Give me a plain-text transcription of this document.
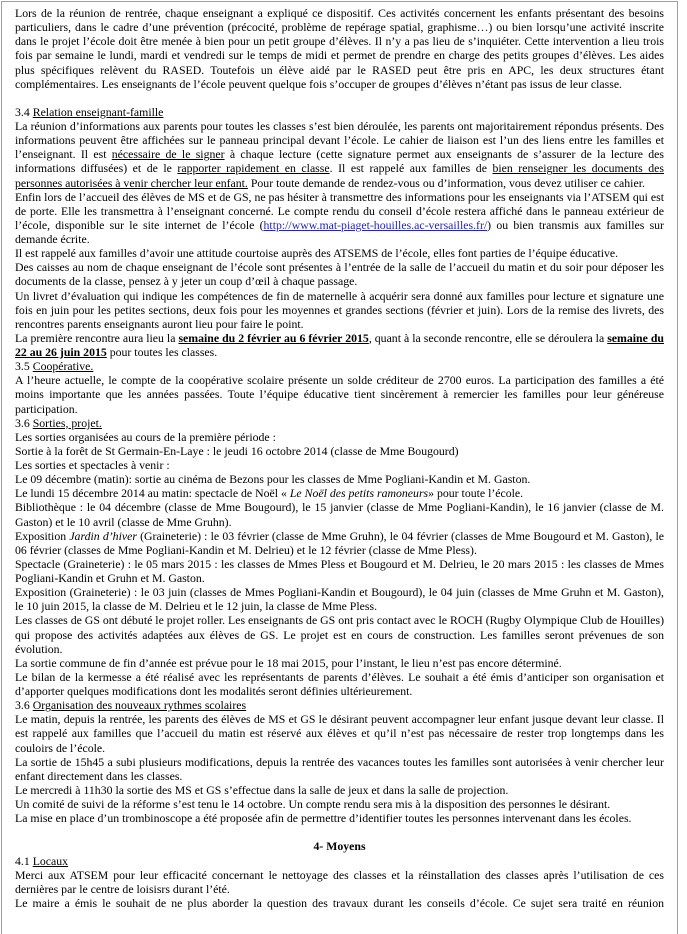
Lors de la réunion de rentrée, chaque enseignant a expliqué ce dispositif. Ces activités concernent les enfants présentant des besoins particuliers, dans le cadre d’une prévention (précocité, problème de repérage spatial, graphisme…) ou bien lorsqu’une activité inscrite dans le projet l’école doit être menée à bien pour un petit groupe d’élèves. Il n’y a pas lieu de s’inquiéter. Cette intervention a lieu trois fois par semaine le lundi, mardi et vendredi sur le temps de midi et permet de prendre en charge des petits groupes d’élèves. Les aides plus spécifiques relèvent du RASED. Toutefois un élève aidé par le RASED peut être pris en APC, les deux structures étant complémentaires. Les enseignants de l’école peuvent quelque fois s’occuper de groupes d’élèves n’étant pas issus de leur classe.

3.4 Relation enseignant-famille

La réunion d’informations aux parents pour toutes les classes s’est bien déroulée, les parents ont majoritairement répondus présents. Des informations peuvent être affichées sur le panneau principal devant l’école. Le cahier de liaison est l’un des liens entre les familles et l’enseignant. Il est nécessaire de le signer à chaque lecture (cette signature permet aux enseignants de s’assurer de la lecture des informations diffusées) et de le rapporter rapidement en classe. Il est rappelé aux familles de bien renseigner les documents des personnes autorisées à venir chercher leur enfant. Pour toute demande de rendez-vous ou d’information, vous devez utiliser ce cahier.

Enfin lors de l’accueil des élèves de MS et de GS, ne pas hésiter à transmettre des informations pour les enseignants via l’ATSEM qui est de porte. Elle les transmettra à l’enseignant concerné. Le compte rendu du conseil d’école restera affiché dans le panneau extérieur de l’école, disponible sur le site internet de l’école (http://www.mat-piaget-houilles.ac-versailles.fr/) ou bien transmis aux familles sur demande écrite.

Il est rappelé aux familles d’avoir une attitude courtoise auprès des ATSEMS de l’école, elles font parties de l’équipe éducative.

Des caisses au nom de chaque enseignant de l’école sont présentes à l’entrée de la salle de l’accueil du matin et du soir pour déposer les documents de la classe, pensez à y jeter un coup d’œil à chaque passage.

Un livret d’évaluation qui indique les compétences de fin de maternelle à acquérir sera donné aux familles pour lecture et signature une fois en juin pour les petites sections, deux fois pour les moyennes et grandes sections (février et juin). Lors de la remise des livrets, des rencontres parents enseignants auront lieu pour faire le point.

La première rencontre aura lieu la semaine du 2 février au 6 février 2015, quant à la seconde rencontre, elle se déroulera la semaine du 22 au 26 juin 2015 pour toutes les classes.

3.5 Coopérative.

A l’heure actuelle, le compte de la coopérative scolaire présente un solde créditeur de 2700 euros. La participation des familles a été moins importante que les années passées. Toute l’équipe éducative tient sincèrement à remercier les familles pour leur généreuse participation.

3.6 Sorties, projet.

Les sorties organisées au cours de la première période :

Sortie à la forêt de St Germain-En-Laye : le jeudi 16 octobre 2014 (classe de Mme Bougourd)

Les sorties et spectacles à venir :

Le 09 décembre (matin): sortie au cinéma de Bezons pour les classes de Mme Pogliani-Kandin et M. Gaston.

Le lundi 15 décembre 2014 au matin: spectacle de Noël « Le Noël des petits ramoneurs» pour toute l’école.

Bibliothèque : le 04 décembre (classe de Mme Bougourd), le 15 janvier (classe de Mme Pogliani-Kandin), le 16 janvier (classe de M. Gaston) et le 10 avril (classe de Mme Gruhn).

Exposition Jardin d’hiver (Graineterie) : le 03 février (classe de Mme Gruhn), le 04 février (classes de Mme Bougourd et M. Gaston), le 06 février (classes de Mme Pogliani-Kandin et M. Delrieu) et le 12 février (classe de Mme Pless).

Spectacle (Graineterie) : le 05 mars 2015 : les classes de Mmes Pless et Bougourd et M. Delrieu, le 20 mars 2015 : les classes de Mmes Pogliani-Kandin et Gruhn et M. Gaston.

Exposition (Graineterie) : le 03 juin (classes de Mmes Pogliani-Kandin et Bougourd), le 04 juin (classes de Mme Gruhn et M. Gaston), le 10 juin 2015, la classe de M. Delrieu et le 12 juin, la classe de Mme Pless.

Les classes de GS ont débuté le projet roller. Les enseignants de GS ont pris contact avec le ROCH (Rugby Olympique Club de Houilles) qui propose des activités adaptées aux élèves de GS. Le projet est en cours de construction. Les familles seront prévenues de son évolution.

La sortie commune de fin d’année est prévue pour le 18 mai 2015, pour l’instant, le lieu n’est pas encore déterminé.

Le bilan de la kermesse a été réalisé avec les représentants de parents d’élèves. Le souhait a été émis d’anticiper son organisation et d’apporter quelques modifications dont les modalités seront définies ultérieurement.

3.6 Organisation des nouveaux rythmes scolaires

Le matin, depuis la rentrée, les parents des élèves de MS et GS le désirant peuvent accompagner leur enfant jusque devant leur classe. Il est rappelé aux familles que l’accueil du matin est réservé aux élèves et qu’il n’est pas nécessaire de rester trop longtemps dans les couloirs de l’école.

La sortie de 15h45 a subi plusieurs modifications, depuis la rentrée des vacances toutes les familles sont autorisées à venir chercher leur enfant directement dans les classes.

Le mercredi à 11h30 la sortie des MS et GS s’effectue dans la salle de jeux et dans la salle de projection.

Un comité de suivi de la réforme s’est tenu le 14 octobre. Un compte rendu sera mis à la disposition des personnes le désirant.

La mise en place d’un trombinoscope a été proposée afin de permettre d’identifier toutes les personnes intervenant dans les écoles.

4- Moyens
4.1 Locaux

Merci aux ATSEM pour leur efficacité concernant le nettoyage des classes et la réinstallation des classes après l’utilisation de ces dernières par le centre de loisisrs durant l’été.

Le maire a émis le souhait de ne plus aborder la question des travaux durant les conseils d’école. Ce sujet sera traité en réunion
